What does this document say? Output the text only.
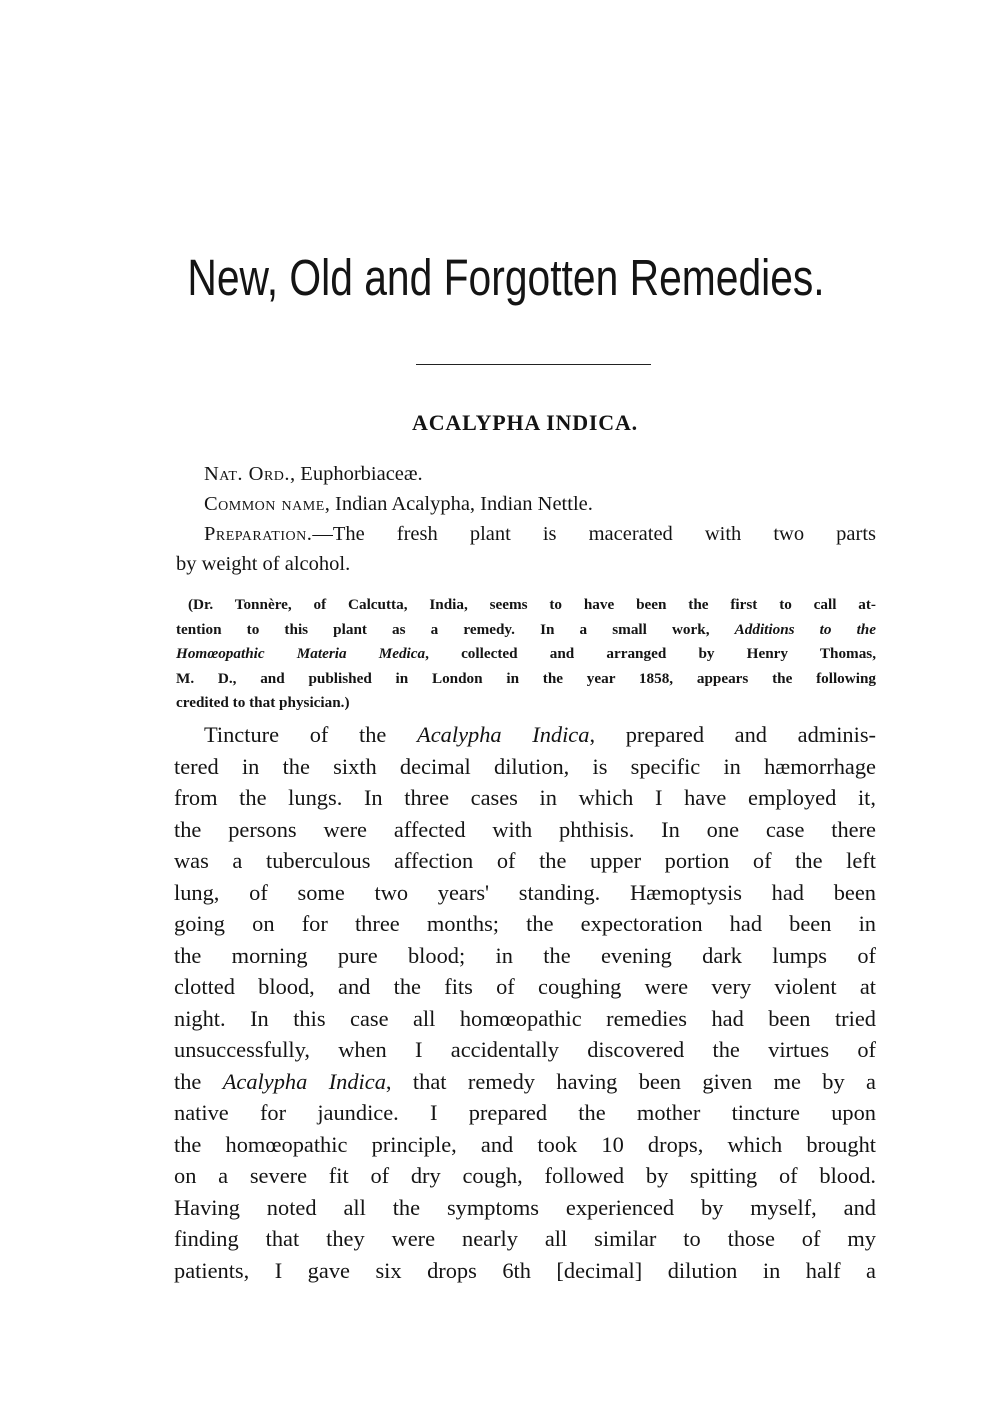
New, Old and Forgotten Remedies.
ACALYPHA INDICA.

Nat. Ord., Euphorbiaceæ.

Common name, Indian Acalypha, Indian Nettle.

Preparation.—The fresh plant is macerated with two parts

by weight of alcohol.

(Dr. Tonnère, of Calcutta, India, seems to have been the first to call at-
tention to this plant as a remedy. In a small work, Additions to the
Homœopathic Materia Medica, collected and arranged by Henry Thomas,
M. D., and published in London in the year 1858, appears the following
credited to that physician.)
Tincture of the Acalypha Indica, prepared and adminis-
tered in the sixth decimal dilution, is specific in hæmorrhage
from the lungs. In three cases in which I have employed it,
the persons were affected with phthisis. In one case there
was a tuberculous affection of the upper portion of the left
lung, of some two years' standing. Hæmoptysis had been
going on for three months; the expectoration had been in
the morning pure blood; in the evening dark lumps of
clotted blood, and the fits of coughing were very violent at
night. In this case all homœopathic remedies had been tried
unsuccessfully, when I accidentally discovered the virtues of
the Acalypha Indica, that remedy having been given me by a
native for jaundice. I prepared the mother tincture upon
the homœopathic principle, and took 10 drops, which brought
on a severe fit of dry cough, followed by spitting of blood.
Having noted all the symptoms experienced by myself, and
finding that they were nearly all similar to those of my
patients, I gave six drops 6th [decimal] dilution in half a
